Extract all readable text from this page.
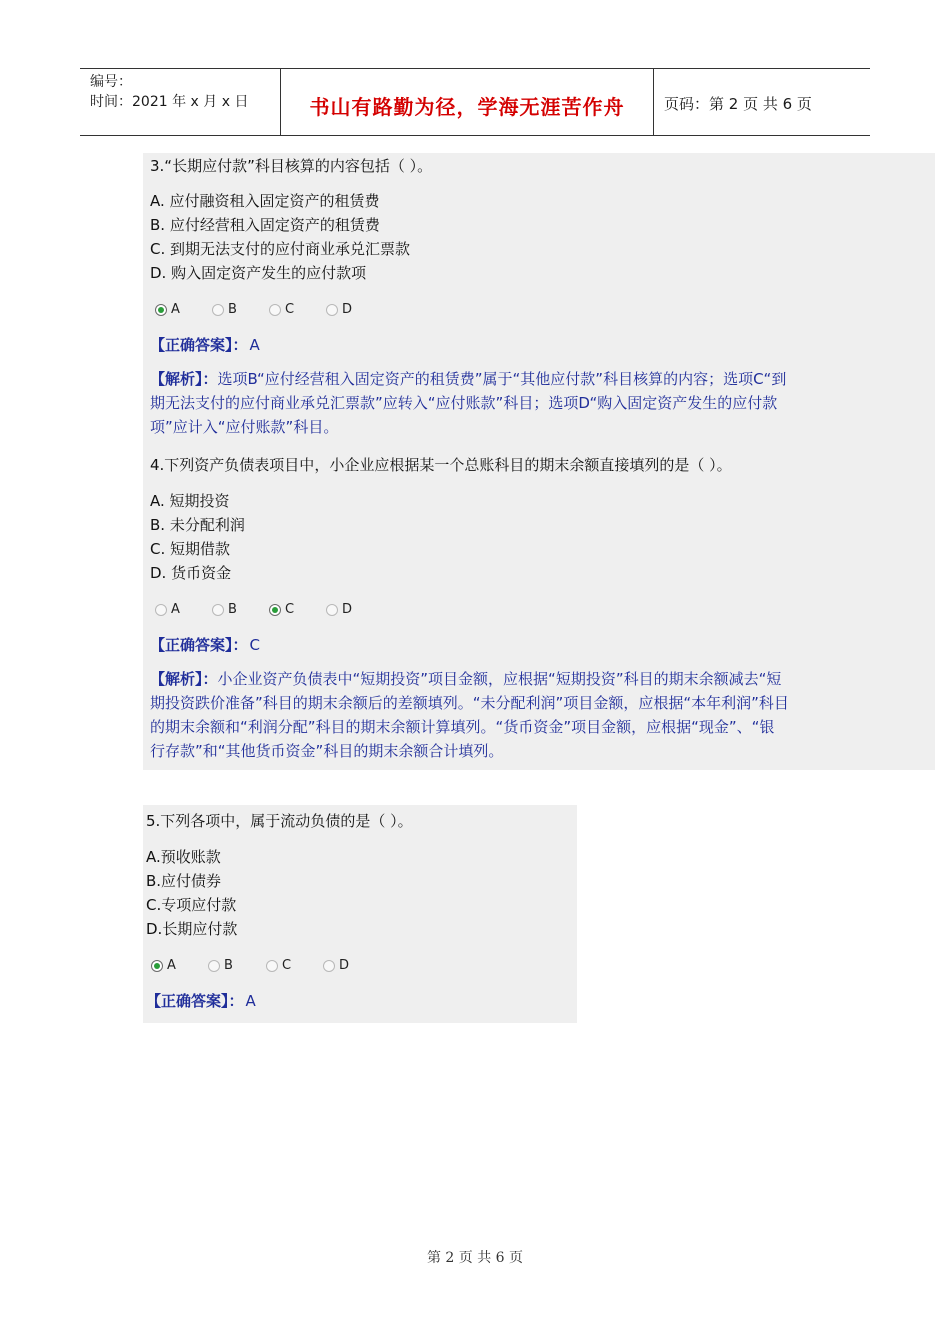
编号：
时间：2021 年 x 月 x 日	书山有路勤为径，学海无涯苦作舟	页码：第 2 页 共 6 页
3.“长期应付款”科目核算的内容包括（ ）。
A. 应付融资租入固定资产的租赁费
B. 应付经营租入固定资产的租赁费
C. 到期无法支付的应付商业承兑汇票款
D. 购入固定资产发生的应付款项
A	B	C	D
【正确答案】： A
【解析】：选项B“应付经营租入固定资产的租赁费”属于“其他应付款”科目核算的内容；选项C“到
期无法支付的应付商业承兑汇票款”应转入“应付账款”科目；选项D“购入固定资产发生的应付款
项”应计入“应付账款”科目。
4.下列资产负债表项目中，小企业应根据某一个总账科目的期末余额直接填列的是（ ）。
A. 短期投资
B. 未分配利润
C. 短期借款
D. 货币资金
A	B	C	D
【正确答案】： C
【解析】：小企业资产负债表中“短期投资”项目金额，应根据“短期投资”科目的期末余额减去“短
期投资跌价准备”科目的期末余额后的差额填列。“未分配利润”项目金额，应根据“本年利润”科目
的期末余额和“利润分配”科目的期末余额计算填列。“货币资金”项目金额，应根据“现金”、“银
行存款”和“其他货币资金”科目的期末余额合计填列。
5.下列各项中，属于流动负债的是（ ）。
A.预收账款
B.应付债券
C.专项应付款
D.长期应付款
A	B	C	D
【正确答案】： A
第 2 页 共 6 页
